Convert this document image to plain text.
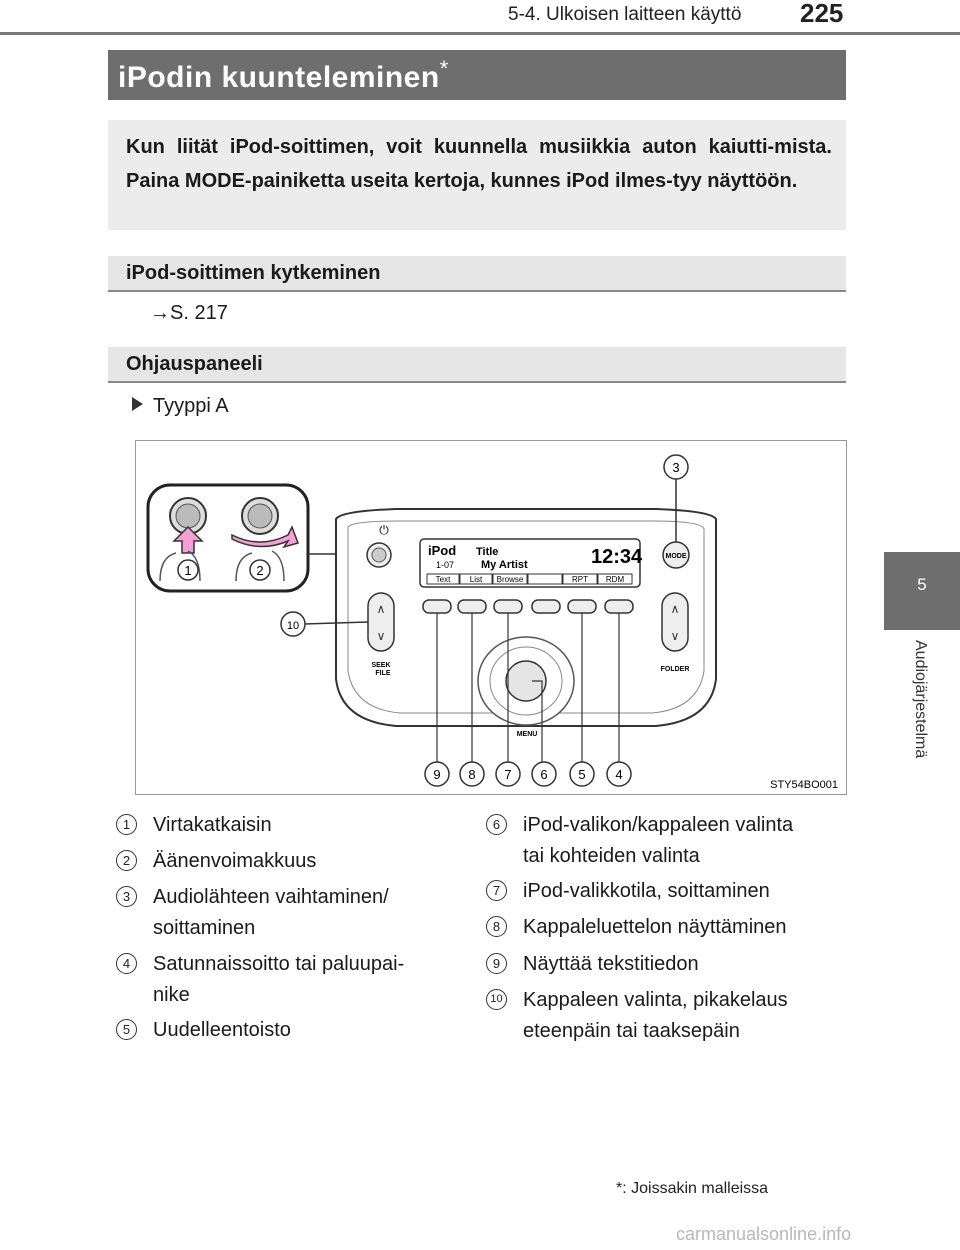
5-4. Ulkoisen laitteen käyttö 225
5
Audiojärjestelmä
iPodin kuunteleminen*
Kun liität iPod-soittimen, voit kuunnella musiikkia auton kaiutti-mista. Paina MODE-painiketta useita kertoja, kunnes iPod ilmes-tyy näyttöön.
iPod-soittimen kytkeminen
→S. 217
Ohjauspaneeli
Tyyppi A
1	2
⏻
iPod Title
1-07 My Artist	12:34
Text List Browse	RPT RDM
MODE
∧
∨
SEEK
FILE
∧
∨
FOLDER
MENU
3
10
9 8 7 6 5 4
STY54BO001
1	Virtakatkaisin
2	Äänenvoimakkuus
3	Audiolähteen vaihtaminen/
soittaminen
4	Satunnaissoitto tai paluupai-
nike
5	Uudelleentoisto
6	iPod-valikon/kappaleen valinta
tai kohteiden valinta
7	iPod-valikkotila, soittaminen
8	Kappaleluettelon näyttäminen
9	Näyttää tekstitiedon
10 Kappaleen valinta, pikakelaus
eteenpäin tai taaksepäin
*: Joissakin malleissa
carmanualsonline.info
